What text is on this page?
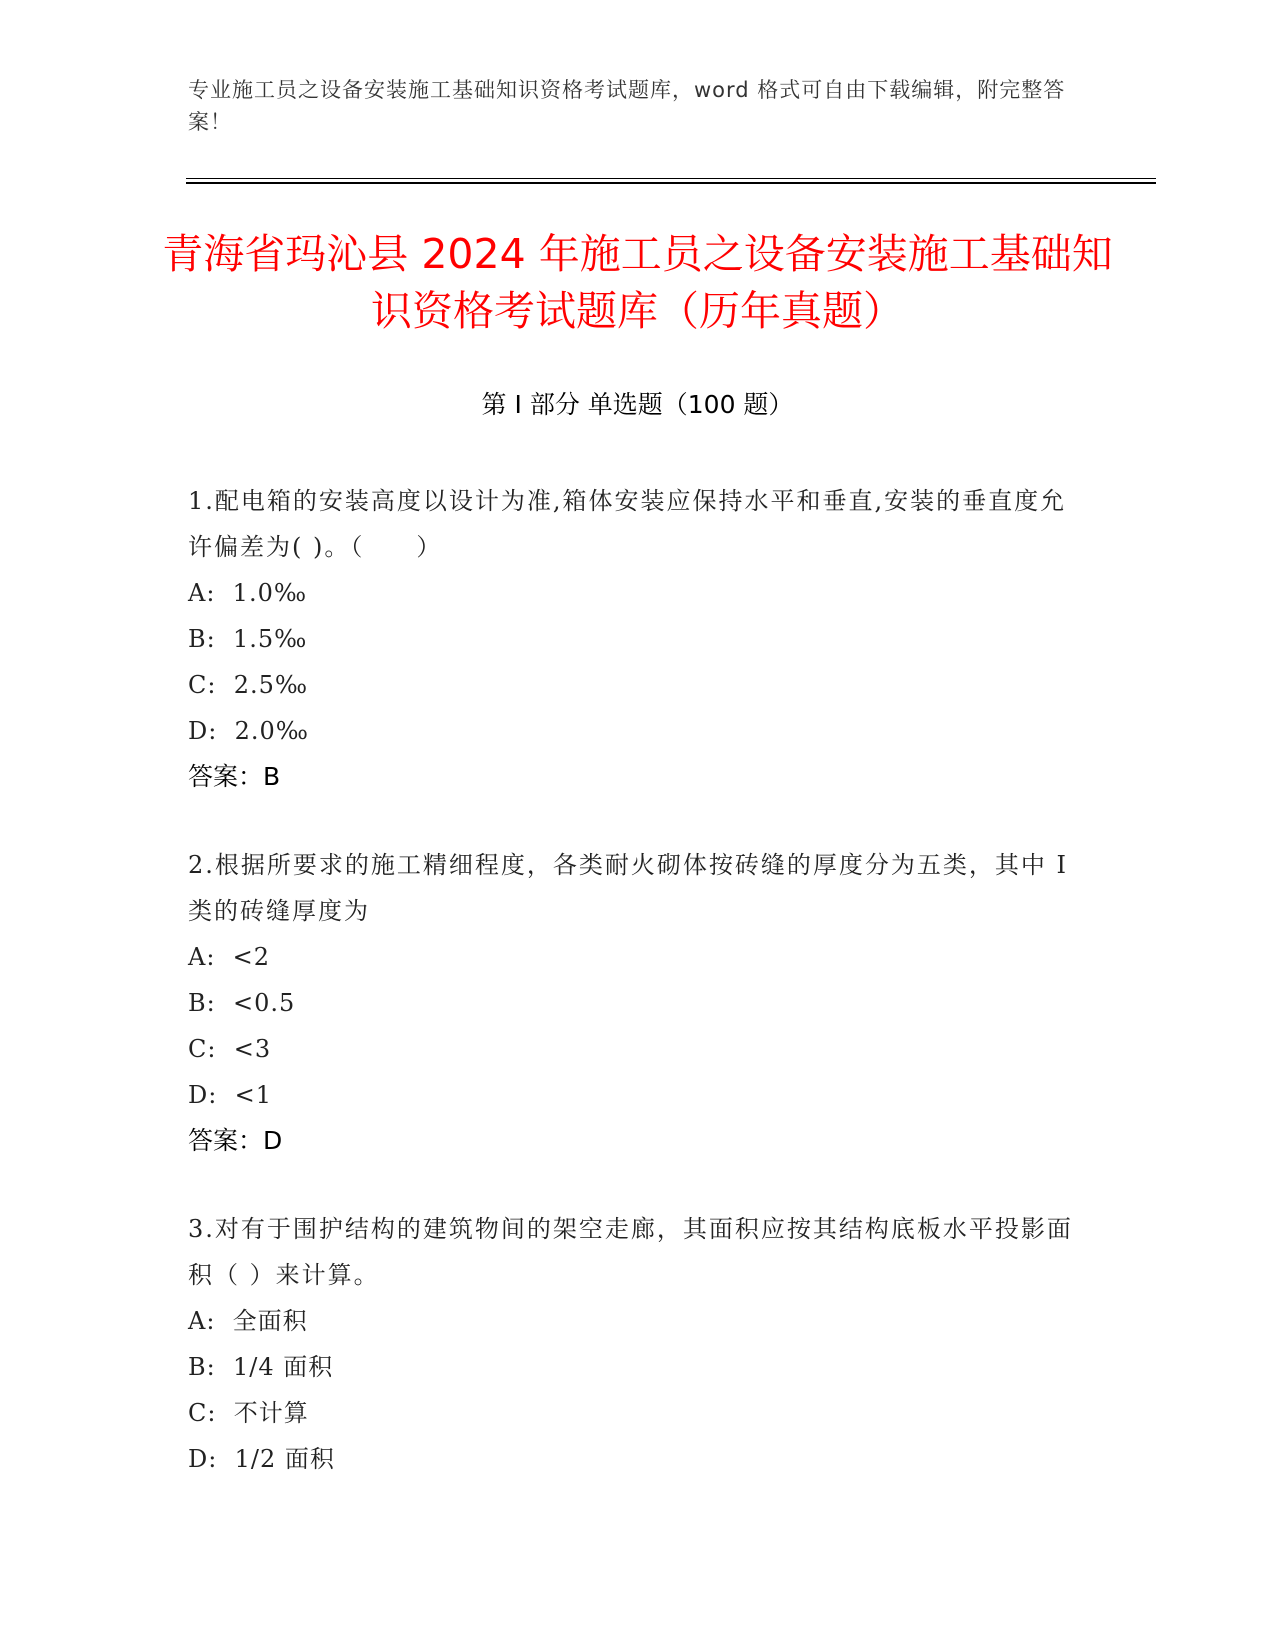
专业施工员之设备安装施工基础知识资格考试题库，word 格式可自由下载编辑，附完整答案！
青海省玛沁县 2024 年施工员之设备安装施工基础知识资格考试题库（历年真题）
第 I 部分 单选题（100 题）

1.配电箱的安装高度以设计为准,箱体安装应保持水平和垂直,安装的垂直度允许偏差为( )。（　　）

A:  1.0‰

B:  1.5‰

C:  2.5‰

D:  2.0‰

答案：B

2.根据所要求的施工精细程度，各类耐火砌体按砖缝的厚度分为五类，其中 I 类的砖缝厚度为

A:  <2

B:  <0.5

C:  <3

D:  <1

答案：D

3.对有于围护结构的建筑物间的架空走廊，其面积应按其结构底板水平投影面积（ ）来计算。

A:  全面积

B:  1/4 面积

C:  不计算

D:  1/2 面积
